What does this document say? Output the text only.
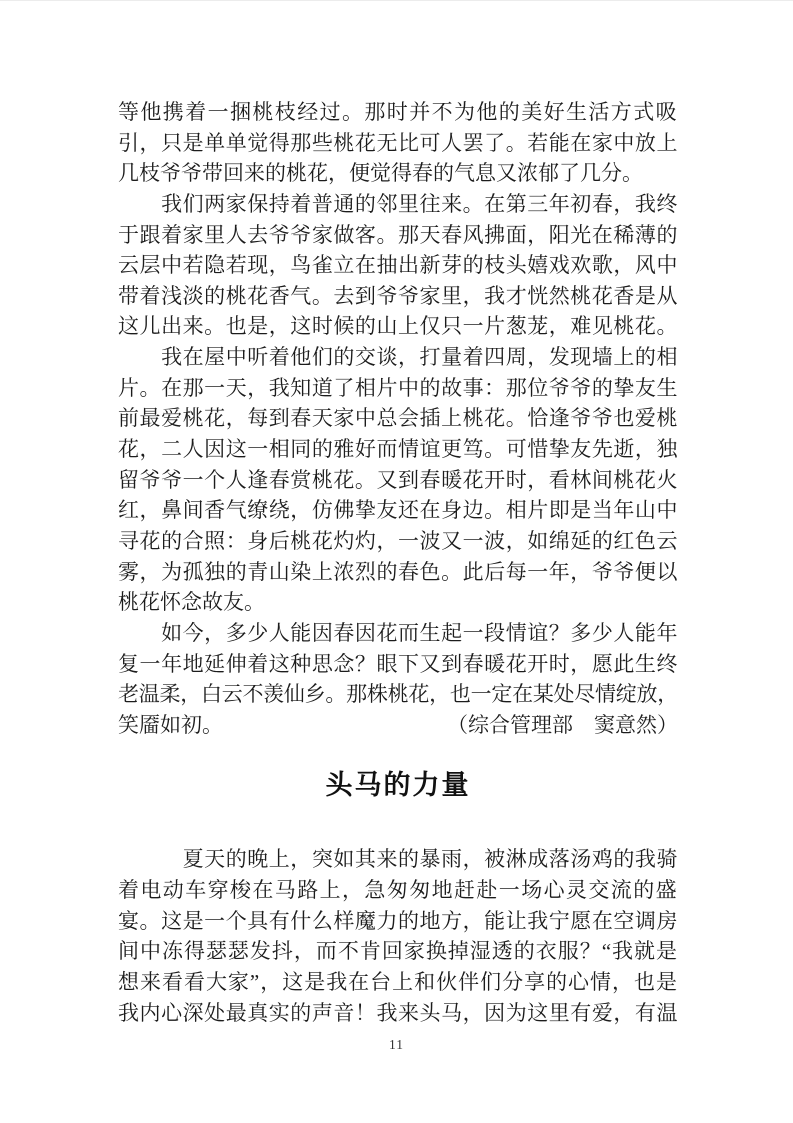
等他携着一捆桃枝经过。那时并不为他的美好生活方式吸
引，只是单单觉得那些桃花无比可人罢了。若能在家中放上
几枝爷爷带回来的桃花，便觉得春的气息又浓郁了几分。
　　我们两家保持着普通的邻里往来。在第三年初春，我终
于跟着家里人去爷爷家做客。那天春风拂面，阳光在稀薄的
云层中若隐若现，鸟雀立在抽出新芽的枝头嬉戏欢歌，风中
带着浅淡的桃花香气。去到爷爷家里，我才恍然桃花香是从
这儿出来。也是，这时候的山上仅只一片葱茏，难见桃花。
　　我在屋中听着他们的交谈，打量着四周，发现墙上的相
片。在那一天，我知道了相片中的故事：那位爷爷的挚友生
前最爱桃花，每到春天家中总会插上桃花。恰逢爷爷也爱桃
花，二人因这一相同的雅好而情谊更笃。可惜挚友先逝，独
留爷爷一个人逢春赏桃花。又到春暖花开时，看林间桃花火
红，鼻间香气缭绕，仿佛挚友还在身边。相片即是当年山中
寻花的合照：身后桃花灼灼，一波又一波，如绵延的红色云
雾，为孤独的青山染上浓烈的春色。此后每一年，爷爷便以
桃花怀念故友。
　　如今，多少人能因春因花而生起一段情谊？多少人能年
复一年地延伸着这种思念？眼下又到春暖花开时，愿此生终
老温柔，白云不羡仙乡。那株桃花，也一定在某处尽情绽放，
笑靥如初。	（综合管理部　窦意然）
头马的力量
　　　夏天的晚上，突如其来的暴雨，被淋成落汤鸡的我骑
着电动车穿梭在马路上，急匆匆地赶赴一场心灵交流的盛
宴。这是一个具有什么样魔力的地方，能让我宁愿在空调房
间中冻得瑟瑟发抖，而不肯回家换掉湿透的衣服？“我就是
想来看看大家”，这是我在台上和伙伴们分享的心情，也是
我内心深处最真实的声音！我来头马，因为这里有爱，有温
11
